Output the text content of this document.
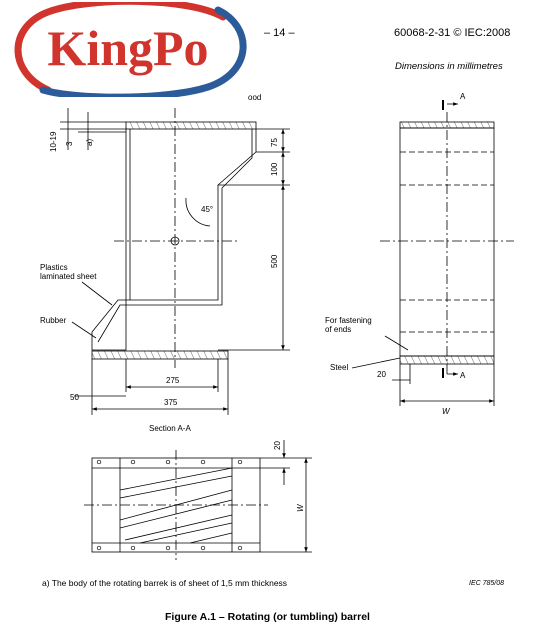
KingPo	– 14 –	60068-2-31 © IEC:2008
Dimensions in millimetres
ood
45°
75
100
500
10-19 3 a)
275
375
50
A
A
20
W
20
W
Plastics
laminated sheet
Rubber	For fastening
of ends
Steel
Section A-A
a) The body of the rotating barrek is of sheet of 1,5 mm thickness	IEC 785/08
Figure A.1 – Rotating (or tumbling) barrel
